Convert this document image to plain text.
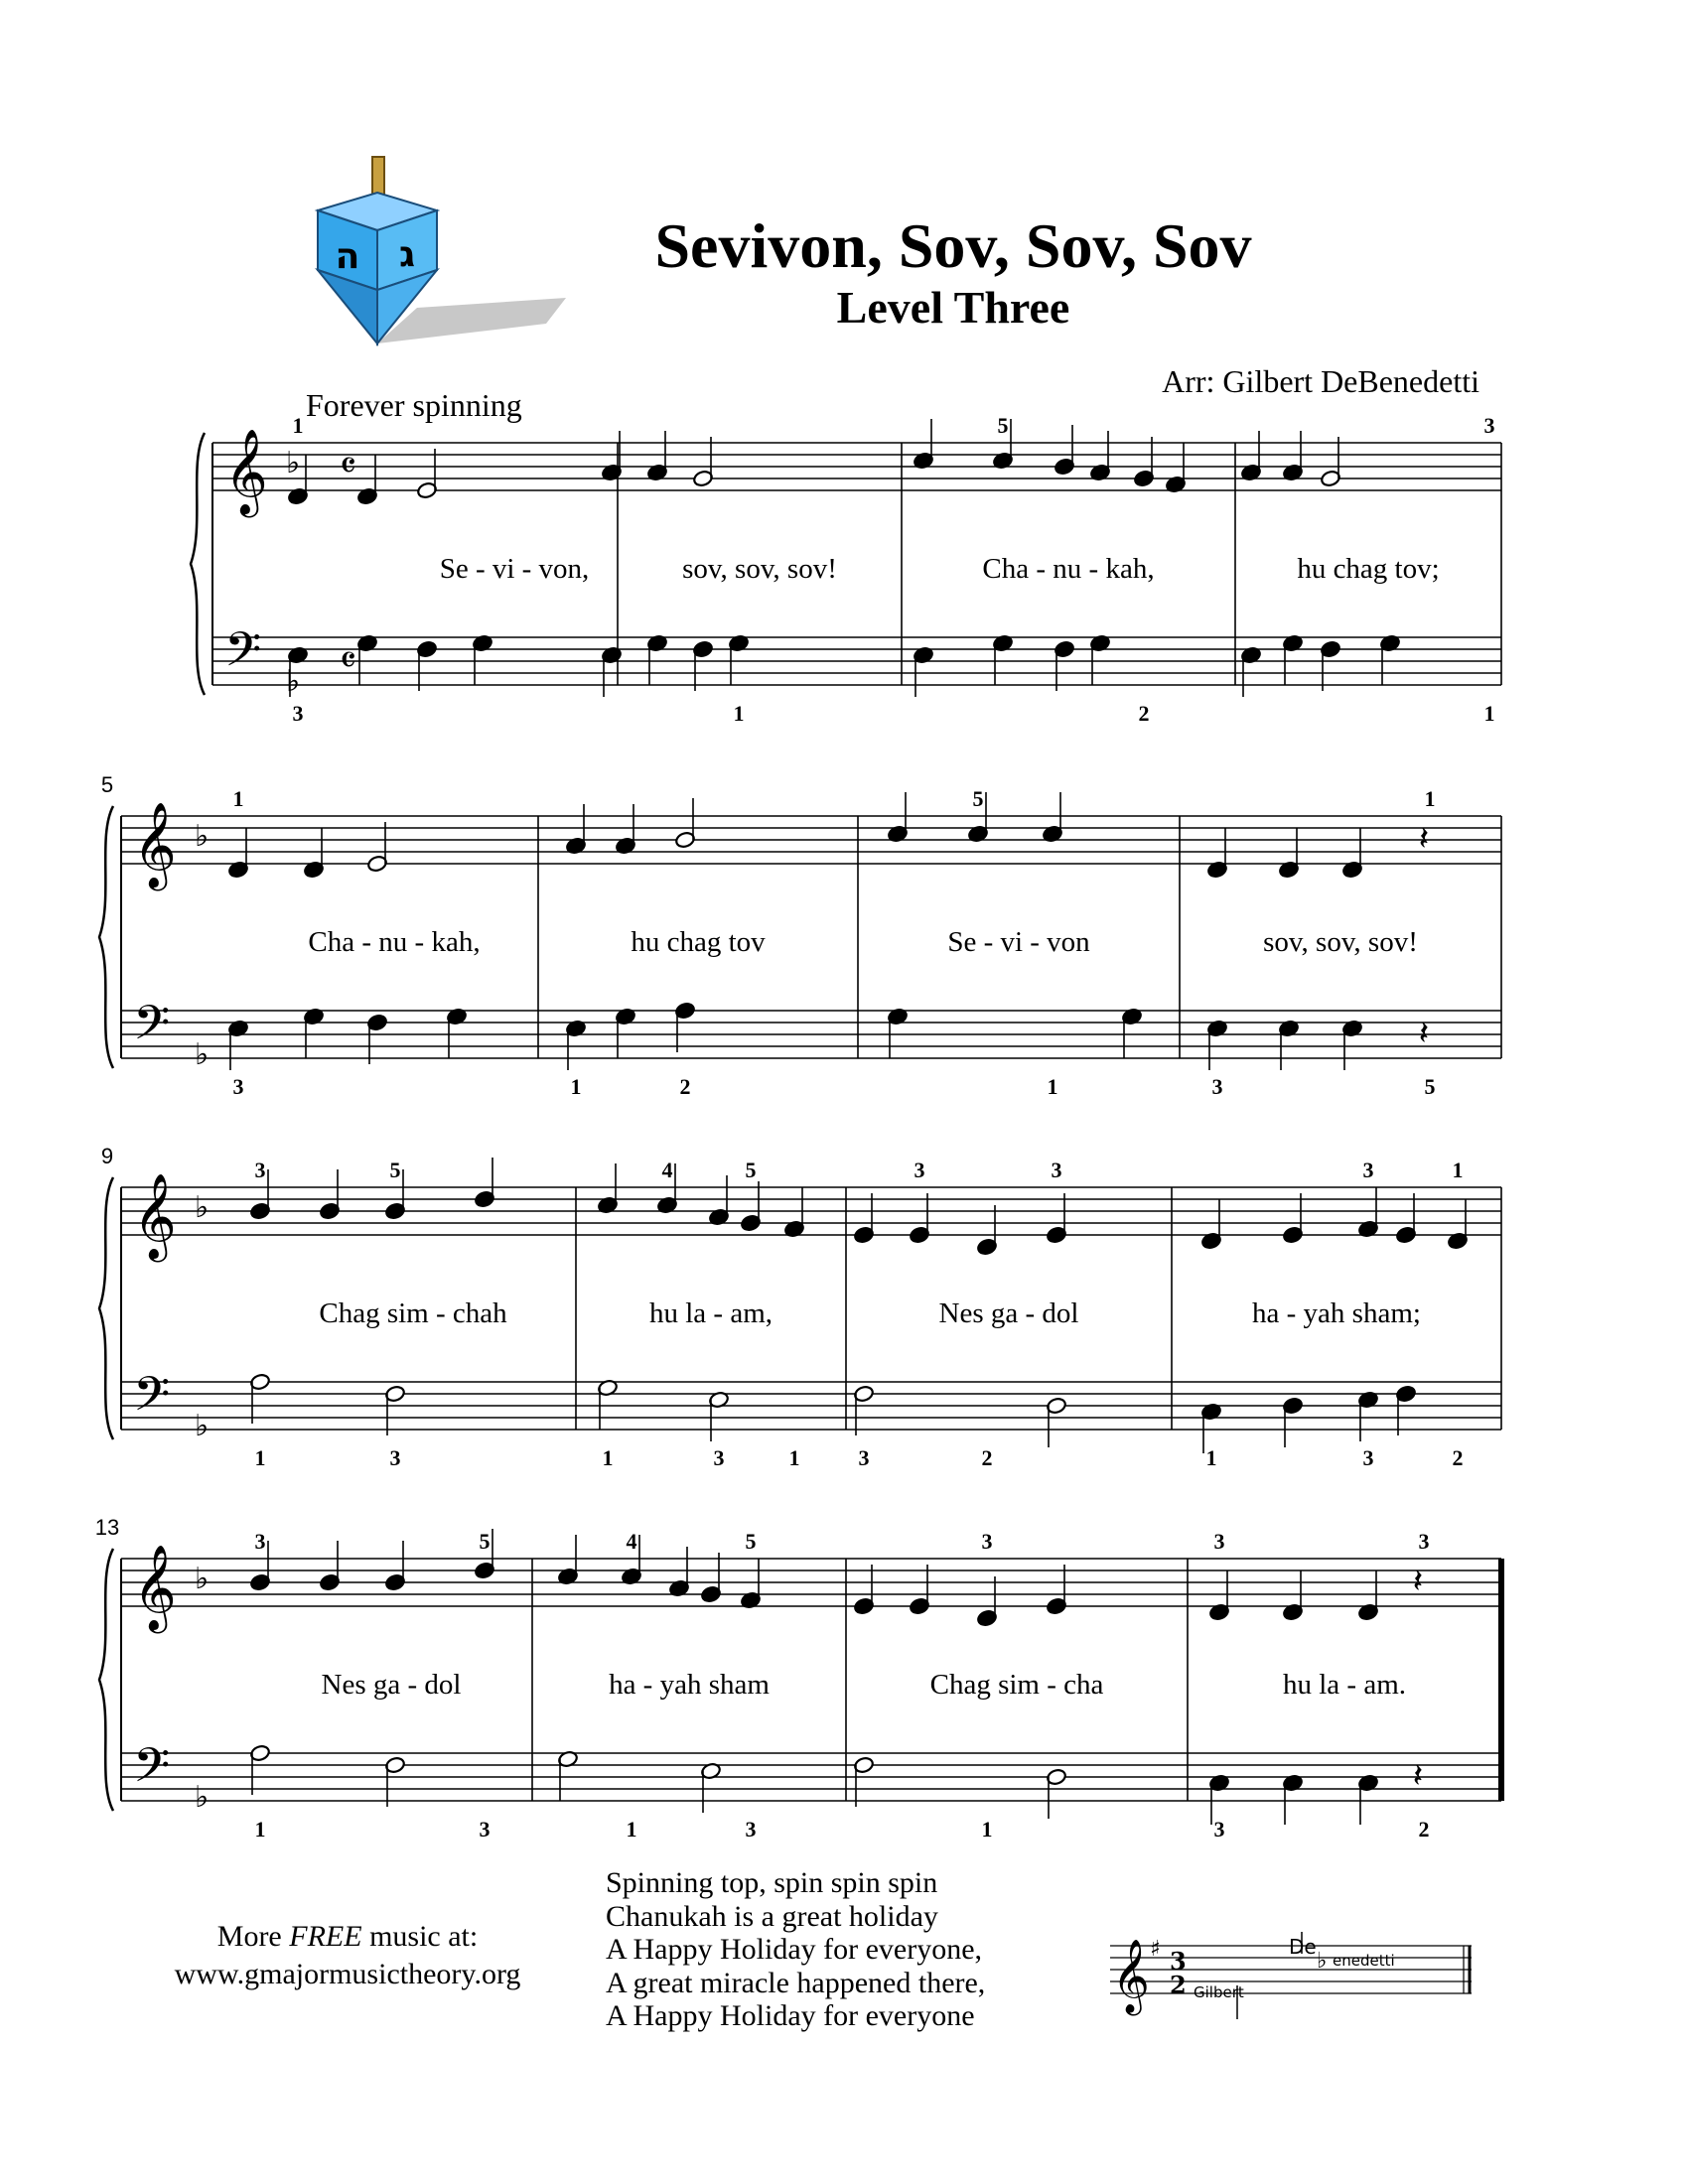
ה ג	Sevivon, Sov, Sov, Sov
Level Three
Arr: Gilbert DeBenedetti
Forever spinning
𝄞
𝄢
♭
♭
𝄴
𝄴
𝄞
𝄢
♭
♭
𝄞
𝄢
♭
♭
𝄞
𝄢
♭
♭
5
9
13
Se - vi - von,	sov, sov, sov!	Cha - nu - kah,	hu chag tov;
Cha - nu - kah,	hu chag tov	Se - vi - von	sov, sov, sov!
Chag sim - chah	hu la - am,	Nes ga - dol	ha - yah sham;
Nes ga - dol	ha - yah sham	Chag sim - cha	hu la - am.
1	5	3
3	1	2	1
1	5	1
3	1	2	1	3	5
3	5	4	5	3	3	3	1
1	3	1	3	1	3	2	1	3	2
3	5	4	5	3	3	3
1	3	1	3	1	3	2
𝄽
𝄽
𝄽
𝄽
More FREE music at:
www.gmajormusictheory.org
Spinning top, spin spin spin
Chanukah is a great holiday
A Happy Holiday for everyone,
A great miracle happened there,
A Happy Holiday for everyone
𝄞 ♯ 3
2 Gilbert
De
♭ enedetti
